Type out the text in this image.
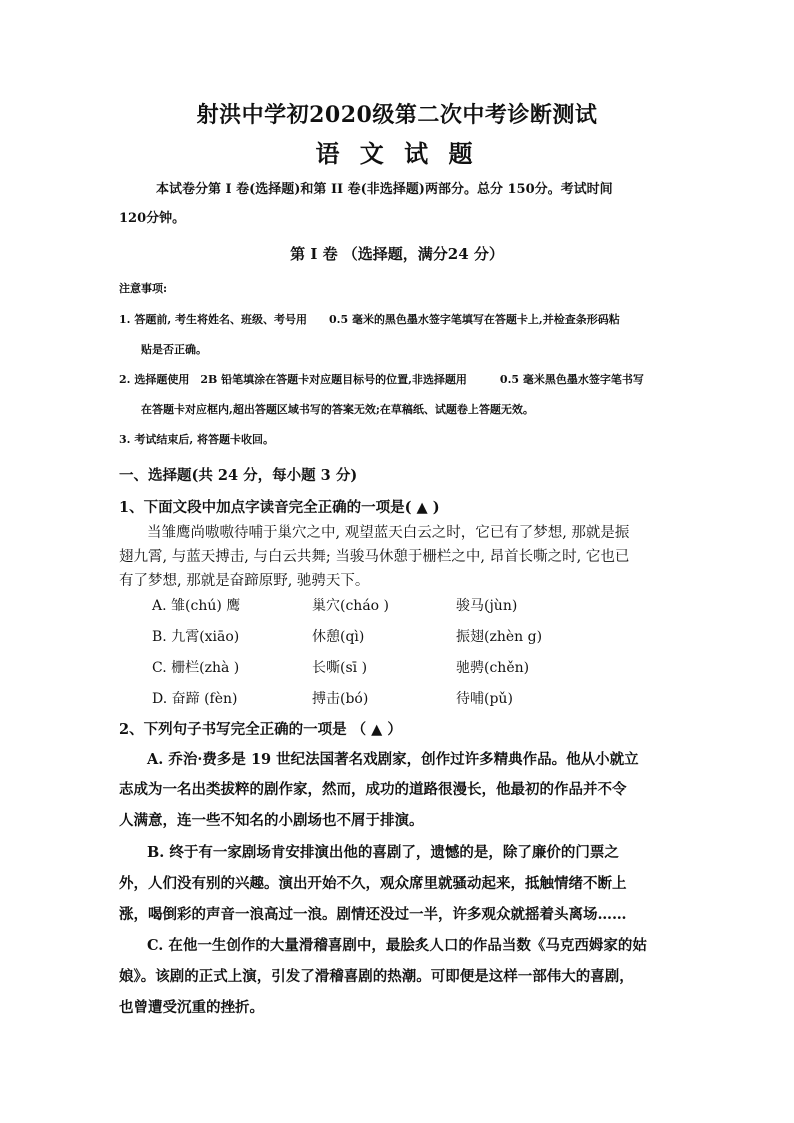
射洪中学初2020级第二次中考诊断测试
语 文 试 题
本试卷分第 I 卷(选择题)和第 II 卷(非选择题)两部分。总分 150分。考试时间
120分钟。
第 I 卷 （选择题，满分24 分）
注意事项:
1. 答题前, 考生将姓名、班级、考号用　　0.5 毫米的黑色墨水签字笔填写在答题卡上,并检查条形码粘
贴是否正确。
2. 选择题使用　2B 铅笔填涂在答题卡对应题目标号的位置,非选择题用　　　0.5 毫米黑色墨水签字笔书写
在答题卡对应框内,超出答题区域书写的答案无效;在草稿纸、试题卷上答题无效。
3. 考试结束后, 将答题卡收回。
一、选择题(共 24 分，每小题 3 分)
1、下面文段中加点字读音完全正确的一项是( ▲ )
当雏鹰尚嗷嗷待哺于巢穴之中, 观望蓝天白云之时，它已有了梦想, 那就是振
翅九霄, 与蓝天搏击, 与白云共舞; 当骏马休憩于栅栏之中, 昂首长嘶之时, 它也已
有了梦想, 那就是奋蹄原野, 驰骋天下。
A. 雏(chú) 鹰	巢穴(cháo )	骏马(jùn)
B. 九霄(xiāo)	休憩(qì)	振翅(zhèn g)
C. 栅栏(zhà )	长嘶(sī )	驰骋(chěn)
D. 奋蹄 (fèn)	搏击(bó)	待哺(pǔ)
2、下列句子书写完全正确的一项是 （ ▲ ）
A. 乔治·费多是 19 世纪法国著名戏剧家，创作过许多精典作品。他从小就立
志成为一名出类拔粹的剧作家，然而，成功的道路很漫长，他最初的作品并不令
人满意，连一些不知名的小剧场也不屑于排演。
B. 终于有一家剧场肯安排演出他的喜剧了，遗憾的是，除了廉价的门票之
外，人们没有别的兴趣。演出开始不久，观众席里就骚动起来，抵触情绪不断上
涨，喝倒彩的声音一浪高过一浪。剧情还没过一半，许多观众就摇着头离场……
C. 在他一生创作的大量滑稽喜剧中，最脍炙人口的作品当数《马克西姆家的姑
娘》。该剧的正式上演，引发了滑稽喜剧的热潮。可即便是这样一部伟大的喜剧，
也曾遭受沉重的挫折。
